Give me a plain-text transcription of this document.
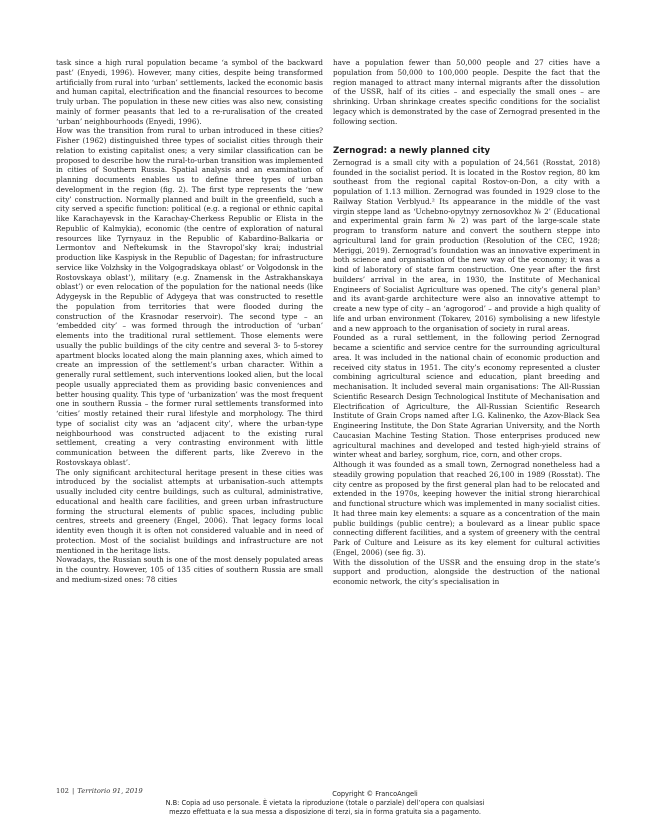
task since a high rural population became ‘a symbol of the backward past’ (Enyedi, 1996). However, many cities, despite being transformed artificially from rural into ‘urban’ settlements, lacked the economic basis and human capital, electrification and the financial resources to become truly urban. The population in these new cities was also new, consisting mainly of former peasants that led to a re-ruralisation of the created ‘urban’ neighbourhoods (Enyedi, 1996).

How was the transition from rural to urban introduced in these cities? Fisher (1962) distinguished three types of socialist cities through their relation to existing capitalist ones; a very similar classification can be proposed to describe how the rural-to-urban transition was implemented in cities of Southern Russia. Spatial analysis and an examination of planning documents enables us to define three types of urban development in the region (fig. 2). The first type represents the ‘new city’ construction. Normally planned and built in the greenfield, such a city served a specific function: political (e.g. a regional or ethnic capital like Karachayevsk in the Karachay-Cherkess Republic or Elista in the Republic of Kalmykia), economic (the centre of exploration of natural resources like Tyrnyauz in the Republic of Kabardino-Balkaria or Lermontov and Neftekumsk in the Stavropol’sky krai; industrial production like Kaspiysk in the Republic of Dagestan; for infrastructure service like Volzhsky in the Volgogradskaya oblast’ or Volgodonsk in the Rostovskaya oblast’), military (e.g. Znamensk in the Astrakhanskaya oblast’) or even relocation of the population for the national needs (like Adygeysk in the Republic of Adygeya that was constructed to resettle the population from territories that were flooded during the construction of the Krasnodar reservoir). The second type – an ‘embedded city’ – was formed through the introduction of ‘urban’ elements into the traditional rural settlement. Those elements were usually the public buildings of the city centre and several 3- to 5-storey apartment blocks located along the main planning axes, which aimed to create an impression of the settlement’s urban character. Within a generally rural settlement, such interventions looked alien, but the local people usually appreciated them as providing basic conveniences and better housing quality. This type of ‘urbanization’ was the most frequent one in southern Russia – the former rural settlements transformed into ‘cities’ mostly retained their rural lifestyle and morphology. The third type of socialist city was an ‘adjacent city’, where the urban-type neighbourhood was constructed adjacent to the existing rural settlement, creating a very contrasting environment with little communication between the different parts, like Zverevo in the Rostovskaya oblast’.

The only significant architectural heritage present in these cities was introduced by the socialist attempts at urbanisation–such attempts usually included city centre buildings, such as cultural, administrative, educational and health care facilities, and green urban infrastructure forming the structural elements of public spaces, including public centres, streets and greenery (Engel, 2006). That legacy forms local identity even though it is often not considered valuable and in need of protection. Most of the socialist buildings and infrastructure are not mentioned in the heritage lists.

Nowadays, the Russian south is one of the most densely populated areas in the country. However, 105 of 135 cities of southern Russia are small and medium-sized ones: 78 cities

have a population fewer than 50,000 people and 27 cities have a population from 50,000 to 100,000 people. Despite the fact that the region managed to attract many internal migrants after the dissolution of the USSR, half of its cities – and especially the small ones – are shrinking. Urban shrinkage creates specific conditions for the socialist legacy which is demonstrated by the case of Zernograd presented in the following section.

Zernograd: a newly planned city

Zernograd is a small city with a population of 24,561 (Rosstat, 2018) founded in the socialist period. It is located in the Rostov region, 80 km southeast from the regional capital Rostov-on-Don, a city with a population of 1.13 million. Zernograd was founded in 1929 close to the Railway Station Verblyud.² Its appearance in the middle of the vast virgin steppe land as ‘Uchebno-opytnyy zernosovkhoz № 2’ (Educational and experimental grain farm № 2) was part of the large-scale state program to transform nature and convert the southern steppe into agricultural land for grain production (Resolution of the CEC, 1928; Meriggi, 2019). Zernograd’s foundation was an innovative experiment in both science and organisation of the new way of the economy; it was a kind of laboratory of state farm construction. One year after the first builders’ arrival in the area, in 1930, the Institute of Mechanical Engineers of Socialist Agriculture was opened. The city’s general plan³ and its avant-garde architecture were also an innovative attempt to create a new type of city – an ‘agrogorod’ – and provide a high quality of life and urban environment (Tokarev, 2016) symbolising a new lifestyle and a new approach to the organisation of society in rural areas.

Founded as a rural settlement, in the following period Zernograd became a scientific and service centre for the surrounding agricultural area. It was included in the national chain of economic production and received city status in 1951. The city’s economy represented a cluster combining agricultural science and education, plant breeding and mechanisation. It included several main organisations: The All-Russian Scientific Research Design Technological Institute of Mechanisation and Electrification of Agriculture, the All-Russian Scientific Research Institute of Grain Crops named after I.G. Kalinenko, the Azov-Black Sea Engineering Institute, the Don State Agrarian University, and the North Caucasian Machine Testing Station. Those enterprises produced new agricultural machines and developed and tested high-yield strains of winter wheat and barley, sorghum, rice, corn, and other crops.

Although it was founded as a small town, Zernograd nonetheless had a steadily growing population that reached 26,100 in 1989 (Rosstat). The city centre as proposed by the first general plan had to be relocated and extended in the 1970s, keeping however the initial strong hierarchical and functional structure which was implemented in many socialist cities. It had three main key elements: a square as a concentration of the main public buildings (public centre); a boulevard as a linear public space connecting different facilities, and a system of greenery with the central Park of Culture and Leisure as its key element for cultural activities (Engel, 2006) (see fig. 3).

With the dissolution of the USSR and the ensuing drop in the state’s support and production, alongside the destruction of the national economic network, the city’s specialisation in

102 | Territorio 91, 2019	Copyright © FrancoAngeli
N.B: Copia ad uso personale. È vietata la riproduzione (totale o parziale) dell’opera con qualsiasi
mezzo effettuata e la sua messa a disposizione di terzi, sia in forma gratuita sia a pagamento.
